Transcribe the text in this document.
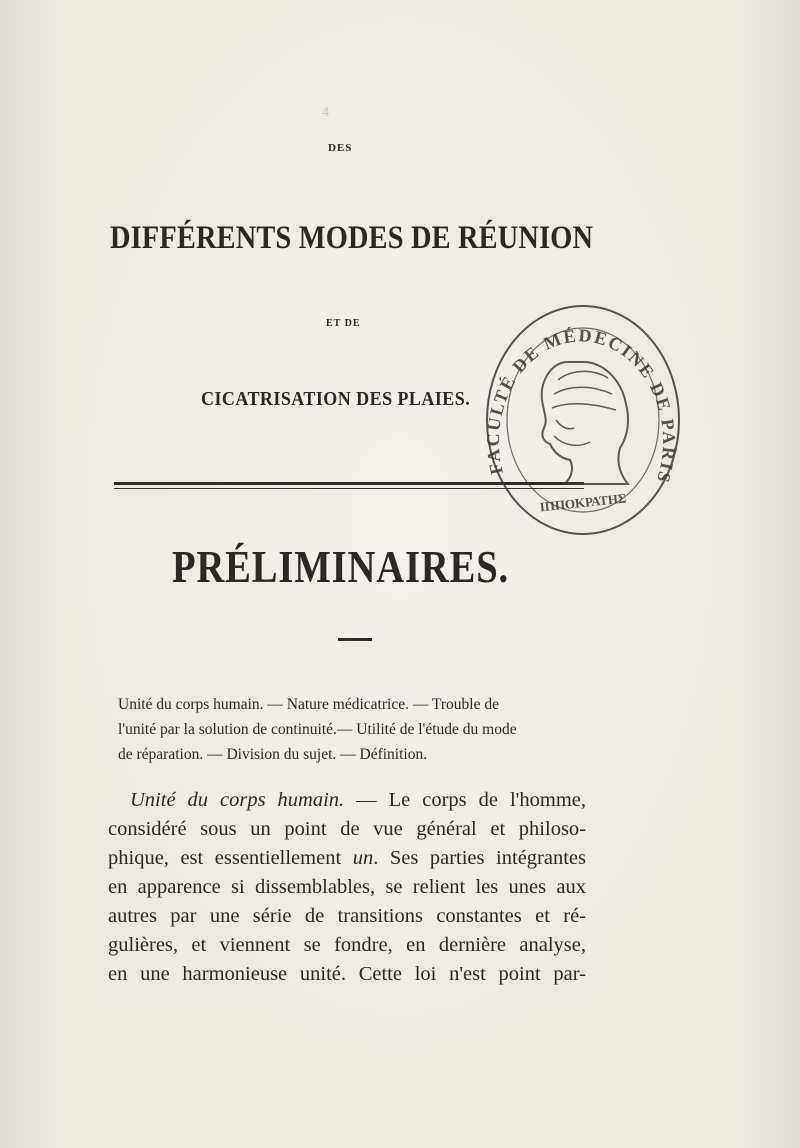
4
DES
DIFFÉRENTS MODES DE RÉUNION
ET DE
CICATRISATION DES PLAIES.
PRÉLIMINAIRES.
Unité du corps humain. — Nature médicatrice. — Trouble de
l'unité par la solution de continuité.— Utilité de l'étude du mode
de réparation. — Division du sujet. — Définition.
Unité du corps humain. — Le corps de l'homme,
considéré sous un point de vue général et philoso-
phique, est essentiellement un. Ses parties intégrantes
en apparence si dissemblables, se relient les unes aux
autres par une série de transitions constantes et ré-
gulières, et viennent se fondre, en dernière analyse,
en une harmonieuse unité. Cette loi n'est point par-
FACULTÉ DE MÉDECINE DE PARIS
ΙΠΠΟΚΡΑΤΗΣ
